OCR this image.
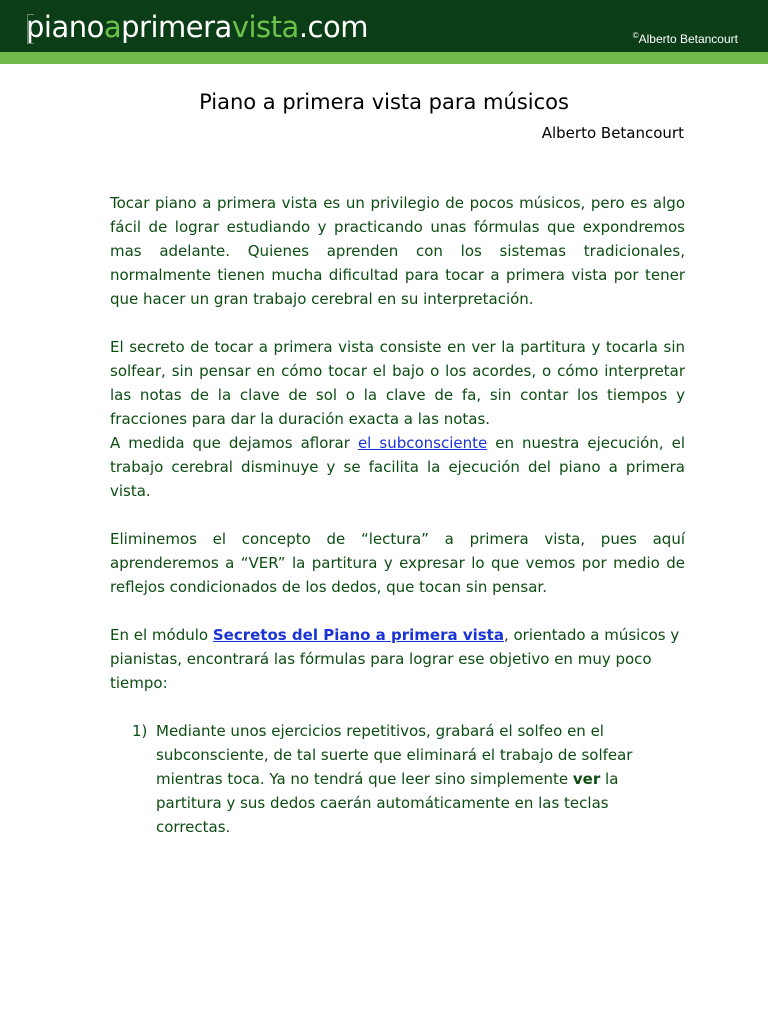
pianoaprimeravista.com	©Alberto Betancourt
Piano a primera vista para músicos
Alberto Betancourt

Tocar piano a primera vista es un privilegio de pocos músicos, pero es algo fácil de lograr estudiando y practicando unas fórmulas que expondremos mas adelante. Quienes aprenden con los sistemas tradicionales, normalmente tienen mucha dificultad para tocar a primera vista por tener que hacer un gran trabajo cerebral en su interpretación.

El secreto de tocar a primera vista consiste en ver la partitura y tocarla sin solfear, sin pensar en cómo tocar el bajo o los acordes, o cómo interpretar las notas de la clave de sol o la clave de fa, sin contar los tiempos y fracciones para dar la duración exacta a las notas.

A medida que dejamos aflorar el subconsciente en nuestra ejecución, el trabajo cerebral disminuye y se facilita la ejecución del piano a primera vista.

Eliminemos el concepto de “lectura” a primera vista, pues aquí aprenderemos a “VER” la partitura y expresar lo que vemos por medio de reflejos condicionados de los dedos, que tocan sin pensar.

En el módulo Secretos del Piano a primera vista, orientado a músicos y pianistas, encontrará las fórmulas para lograr ese objetivo en muy poco tiempo:

1) Mediante unos ejercicios repetitivos, grabará el solfeo en el subconsciente, de tal suerte que eliminará el trabajo de solfear mientras toca. Ya no tendrá que leer sino simplemente ver la partitura y sus dedos caerán automáticamente en las teclas correctas.
